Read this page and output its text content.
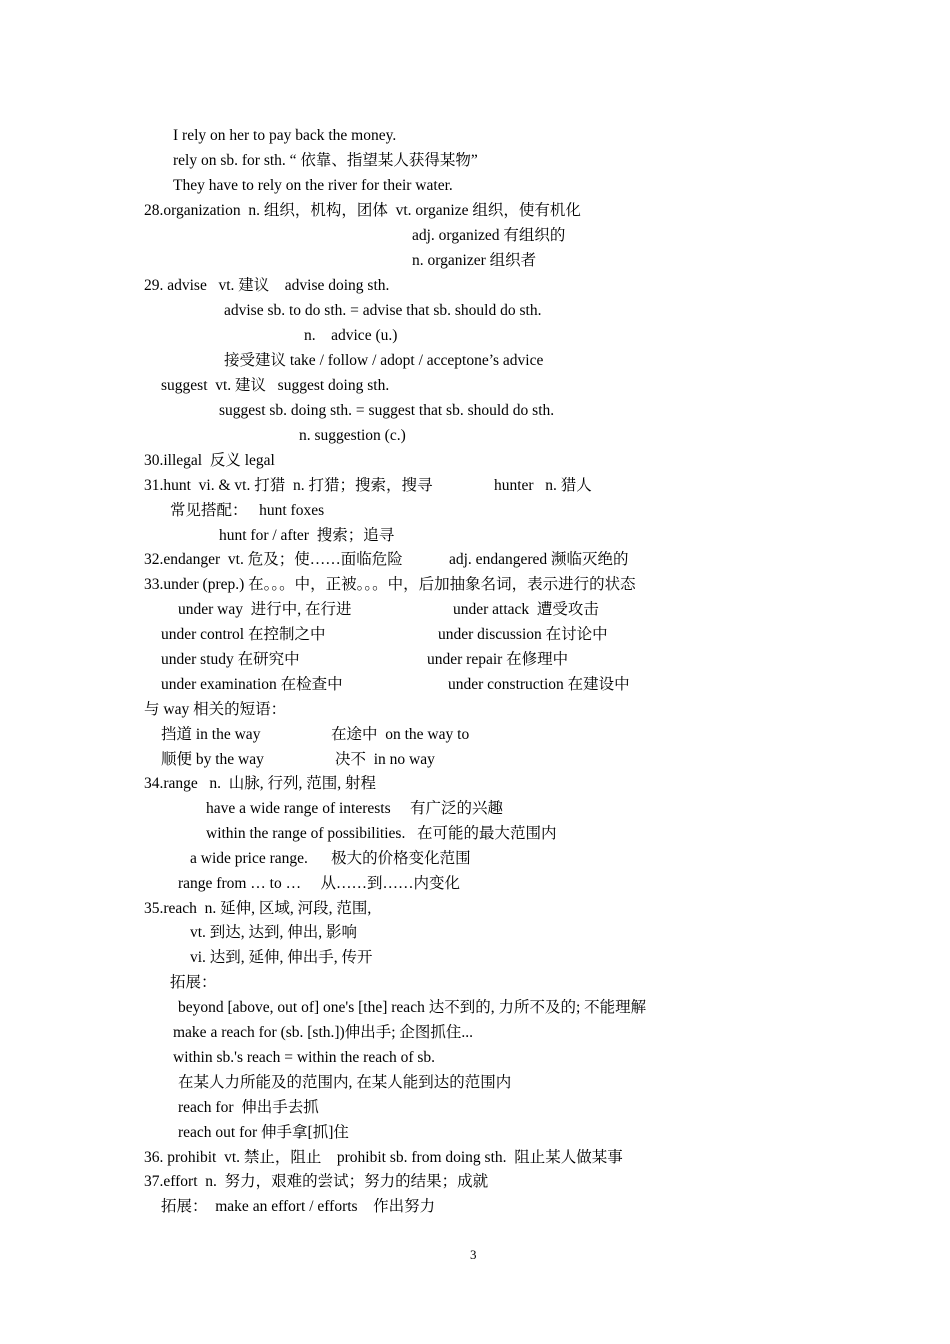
I rely on her to pay back the money.
rely on sb. for sth. “ 依靠、指望某人获得某物”
They have to rely on the river for their water.
28.organization  n. 组织，机构，团体  vt. organize 组织，使有机化
adj. organized 有组织的
n. organizer 组织者
29. advise   vt. 建议    advise doing sth.
advise sb. to do sth. = advise that sb. should do sth.
n.    advice (u.)
接受建议 take / follow / adopt / acceptone’s advice
suggest  vt. 建议   suggest doing sth.
suggest sb. doing sth. = suggest that sb. should do sth.
n. suggestion (c.)
30.illegal  反义 legal
31.hunt  vi. & vt. 打猎  n. 打猎；搜索，搜寻	hunter   n. 猎人
常见搭配：   hunt foxes
hunt for / after  搜索；追寻
32.endanger  vt. 危及；使……面临危险	adj. endangered 濒临灭绝的
33.under (prep.) 在。。。中，正被。。。中，后加抽象名词，表示进行的状态
under way  进行中, 在行进	under attack  遭受攻击
under control 在控制之中	under discussion 在讨论中
under study 在研究中	under repair 在修理中
under examination 在检查中	under construction 在建设中
与 way 相关的短语：
挡道 in the way	在途中  on the way to
顺便 by the way	决不  in no way
34.range   n.  山脉, 行列, 范围, 射程
have a wide range of interests     有广泛的兴趣
within the range of possibilities.   在可能的最大范围内
a wide price range.      极大的价格变化范围
range from … to …     从……到……内变化
35.reach  n. 延伸, 区域, 河段, 范围,
vt. 到达, 达到, 伸出, 影响
vi. 达到, 延伸, 伸出手, 传开
拓展：
beyond [above, out of] one's [the] reach 达不到的, 力所不及的; 不能理解
make a reach for (sb. [sth.])伸出手; 企图抓住...
within sb.'s reach = within the reach of sb.
在某人力所能及的范围内, 在某人能到达的范围内
reach for  伸出手去抓
reach out for 伸手拿[抓]住
36. prohibit  vt. 禁止，阻止    prohibit sb. from doing sth.  阻止某人做某事
37.effort  n.  努力，艰难的尝试；努力的结果；成就
拓展：  make an effort / efforts    作出努力
3
